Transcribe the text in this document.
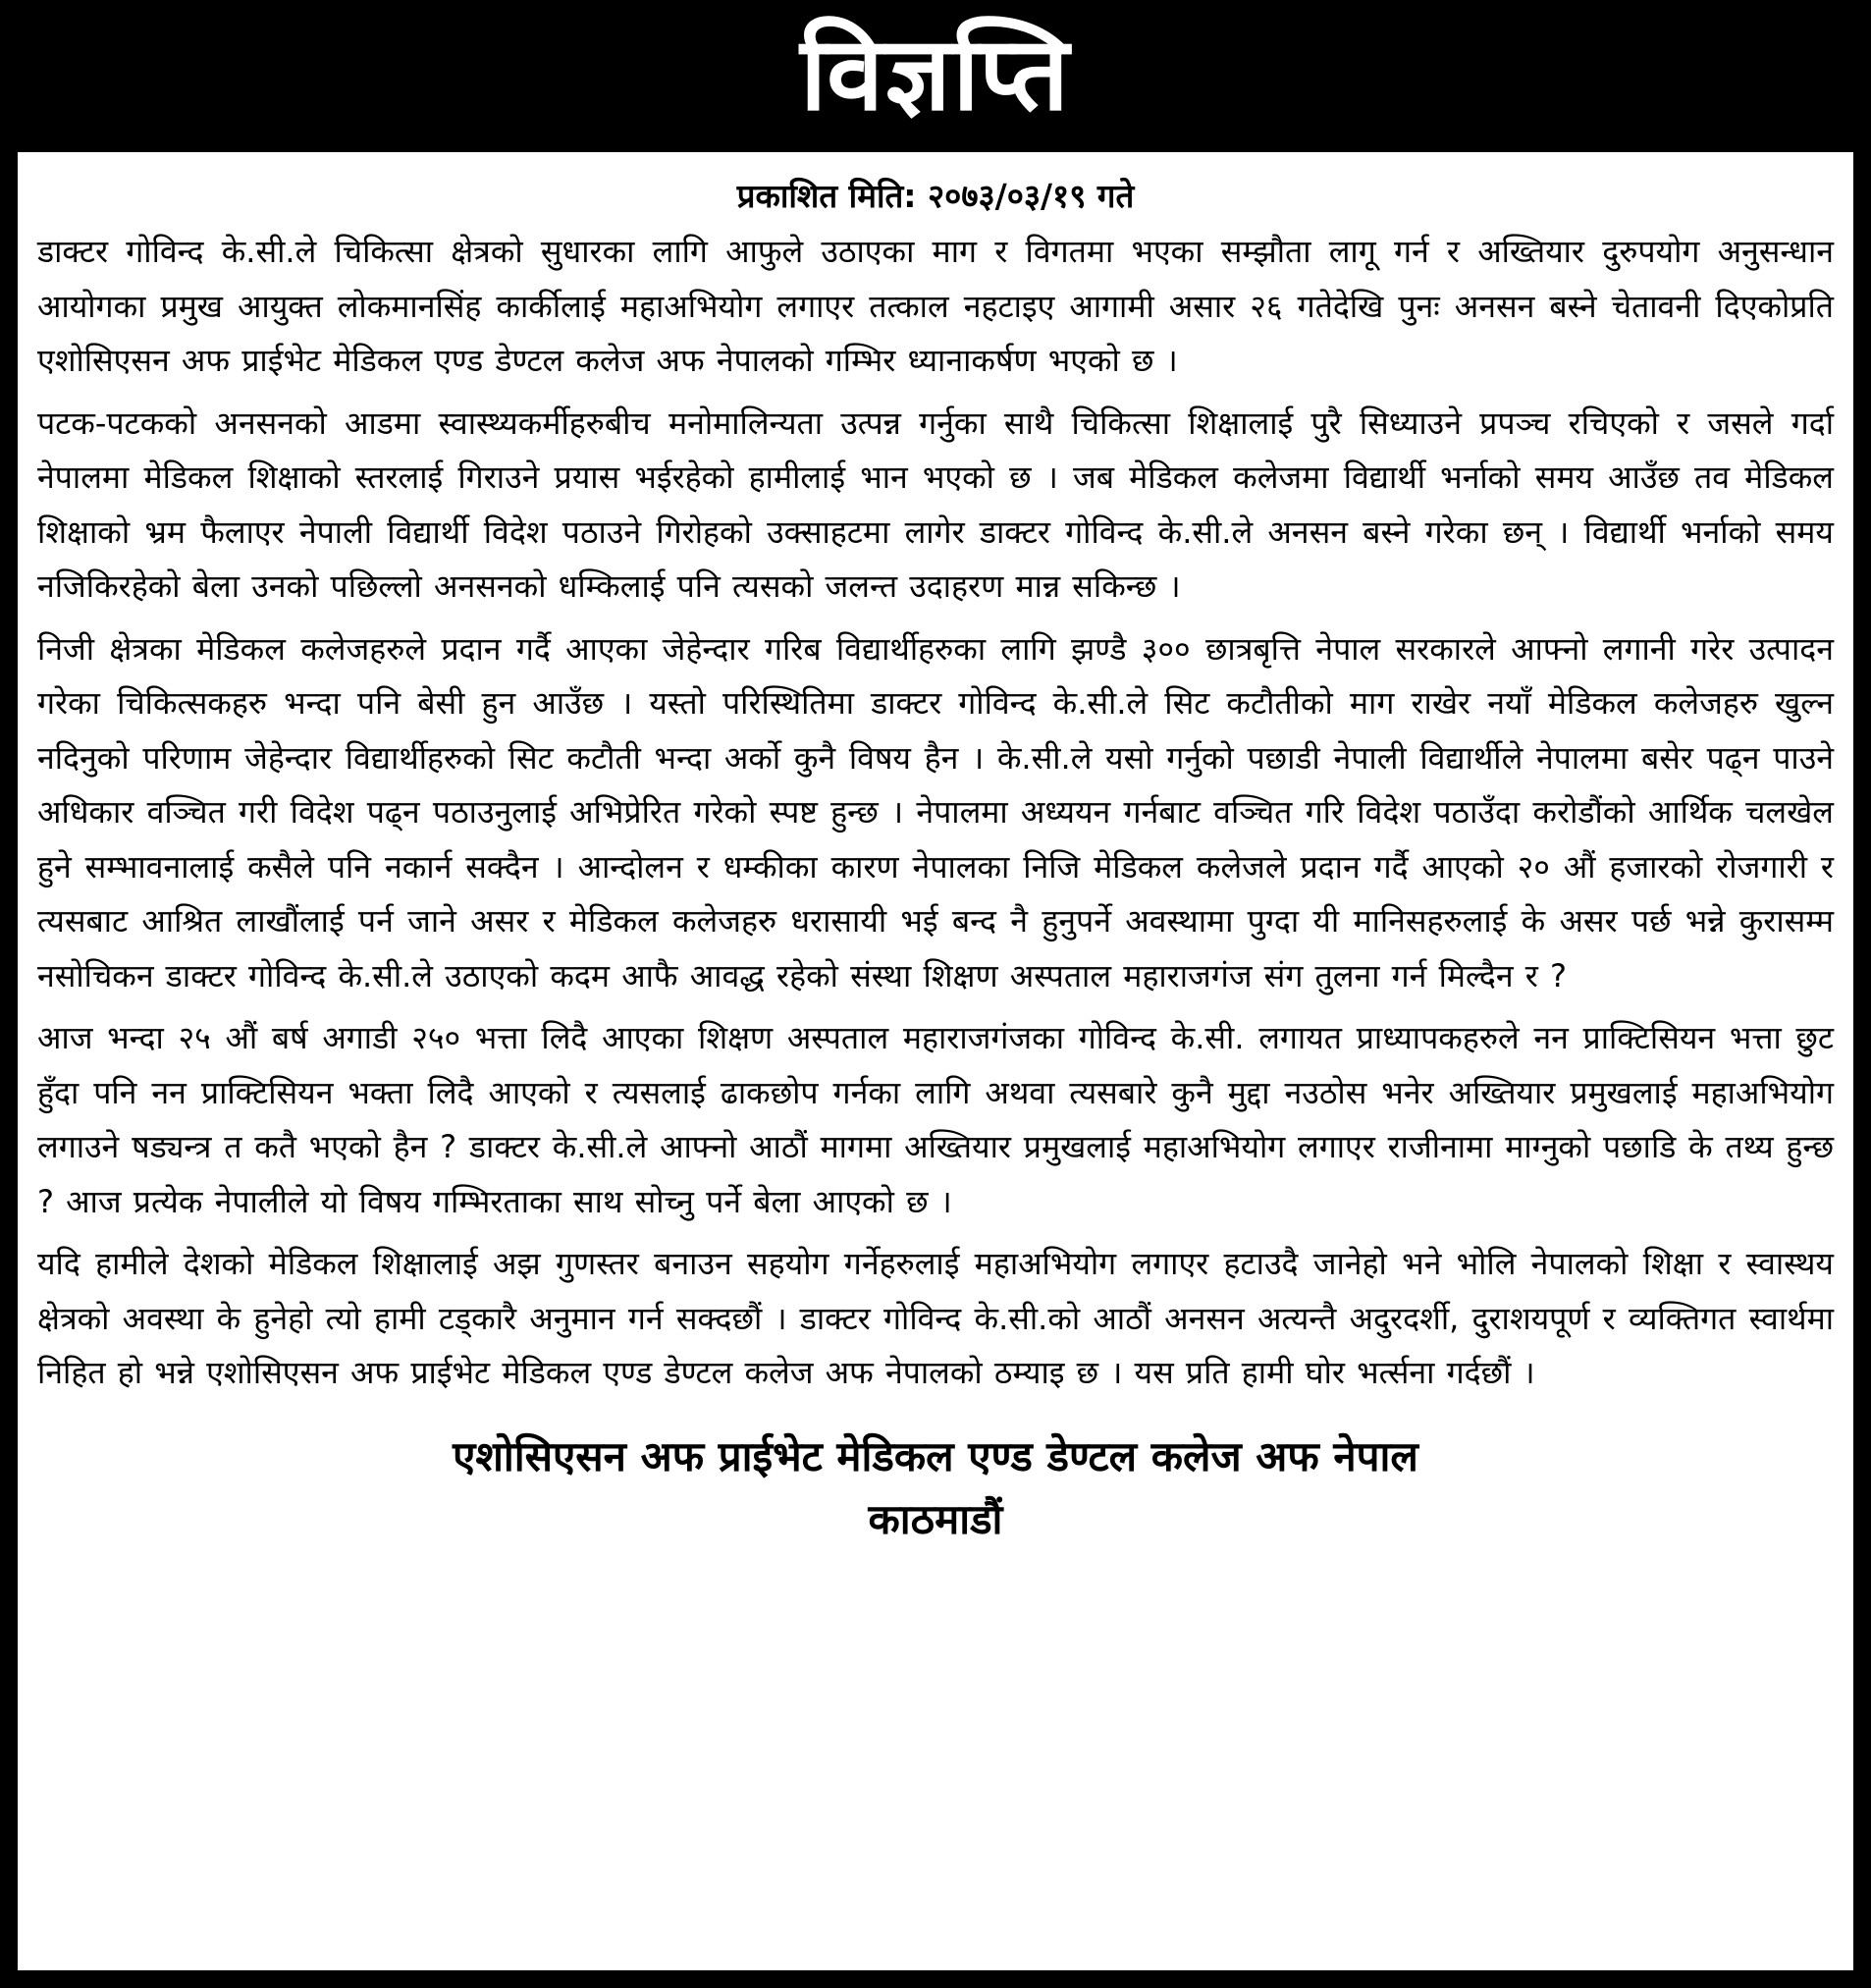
विज्ञप्ति
प्रकाशित मिति: २०७३/०३/१९ गते

डाक्टर गोविन्द के.सी.ले चिकित्सा क्षेत्रको सुधारका लागि आफुले उठाएका माग र विगतमा भएका सम्झौता लागू गर्न र अख्तियार दुरुपयोग अनुसन्धान आयोगका प्रमुख आयुक्त लोकमानसिंह कार्कीलाई महाअभियोग लगाएर तत्काल नहटाइए आगामी असार २६ गतेदेखि पुनः अनसन बस्ने चेतावनी दिएकोप्रति एशोसिएसन अफ प्राईभेट मेडिकल एण्ड डेण्टल कलेज अफ नेपालको गम्भिर ध्यानाकर्षण भएको छ ।

पटक-पटकको अनसनको आडमा स्वास्थ्यकर्मीहरुबीच मनोमालिन्यता उत्पन्न गर्नुका साथै चिकित्सा शिक्षालाई पुरै सिध्याउने प्रपञ्च रचिएको र जसले गर्दा नेपालमा मेडिकल शिक्षाको स्तरलाई गिराउने प्रयास भईरहेको हामीलाई भान भएको छ । जब मेडिकल कलेजमा विद्यार्थी भर्नाको समय आउँछ तव मेडिकल शिक्षाको भ्रम फैलाएर नेपाली विद्यार्थी विदेश पठाउने गिरोहको उक्साहटमा लागेर डाक्टर गोविन्द के.सी.ले अनसन बस्ने गरेका छन् । विद्यार्थी भर्नाको समय नजिकिरहेको बेला उनको पछिल्लो अनसनको धम्किलाई पनि त्यसको जलन्त उदाहरण मान्न सकिन्छ ।

निजी क्षेत्रका मेडिकल कलेजहरुले प्रदान गर्दै आएका जेहेन्दार गरिब विद्यार्थीहरुका लागि झण्डै ३०० छात्रबृत्ति नेपाल सरकारले आफ्नो लगानी गरेर उत्पादन गरेका चिकित्सकहरु भन्दा पनि बेसी हुन आउँछ । यस्तो परिस्थितिमा डाक्टर गोविन्द के.सी.ले सिट कटौतीको माग राखेर नयाँ मेडिकल कलेजहरु खुल्न नदिनुको परिणाम जेहेन्दार विद्यार्थीहरुको सिट कटौती भन्दा अर्को कुनै विषय हैन । के.सी.ले यसो गर्नुको पछाडी नेपाली विद्यार्थीले नेपालमा बसेर पढ्न पाउने अधिकार वञ्चित गरी विदेश पढ्न पठाउनुलाई अभिप्रेरित गरेको स्पष्ट हुन्छ । नेपालमा अध्ययन गर्नबाट वञ्चित गरि विदेश पठाउँदा करोडौंको आर्थिक चलखेल हुने सम्भावनालाई कसैले पनि नकार्न सक्दैन । आन्दोलन र धम्कीका कारण नेपालका निजि मेडिकल कलेजले प्रदान गर्दै आएको २० औं हजारको रोजगारी र त्यसबाट आश्रित लाखौंलाई पर्न जाने असर र मेडिकल कलेजहरु धरासायी भई बन्द नै हुनुपर्ने अवस्थामा पुग्दा यी मानिसहरुलाई के असर पर्छ भन्ने कुरासम्म नसोचिकन डाक्टर गोविन्द के.सी.ले उठाएको कदम आफै आवद्ध रहेको संस्था शिक्षण अस्पताल महाराजगंज संग तुलना गर्न मिल्दैन र ?

आज भन्दा २५ औं बर्ष अगाडी २५० भत्ता लिदै आएका शिक्षण अस्पताल महाराजगंजका गोविन्द के.सी. लगायत प्राध्यापकहरुले नन प्राक्टिसियन भत्ता छुट हुँदा पनि नन प्राक्टिसियन भक्ता लिदै आएको र त्यसलाई ढाकछोप गर्नका लागि अथवा त्यसबारे कुनै मुद्दा नउठोस भनेर अख्तियार प्रमुखलाई महाअभियोग लगाउने षड्यन्त्र त कतै भएको हैन ? डाक्टर के.सी.ले आफ्नो आठौं मागमा अख्तियार प्रमुखलाई महाअभियोग लगाएर राजीनामा माग्नुको पछाडि के तथ्य हुन्छ ? आज प्रत्येक नेपालीले यो विषय गम्भिरताका साथ सोच्नु पर्ने बेला आएको छ ।

यदि हामीले देशको मेडिकल शिक्षालाई अझ गुणस्तर बनाउन सहयोग गर्नेहरुलाई महाअभियोग लगाएर हटाउदै जानेहो भने भोलि नेपालको शिक्षा र स्वास्थय क्षेत्रको अवस्था के हुनेहो त्यो हामी टड्कारै अनुमान गर्न सक्दछौं । डाक्टर गोविन्द के.सी.को आठौं अनसन अत्यन्तै अदुरदर्शी, दुराशयपूर्ण र व्यक्तिगत स्वार्थमा निहित हो भन्ने एशोसिएसन अफ प्राईभेट मेडिकल एण्ड डेण्टल कलेज अफ नेपालको ठम्याइ छ । यस प्रति हामी घोर भर्त्सना गर्दछौं ।

एशोसिएसन अफ प्राईभेट मेडिकल एण्ड डेण्टल कलेज अफ नेपाल
काठमाडौं
